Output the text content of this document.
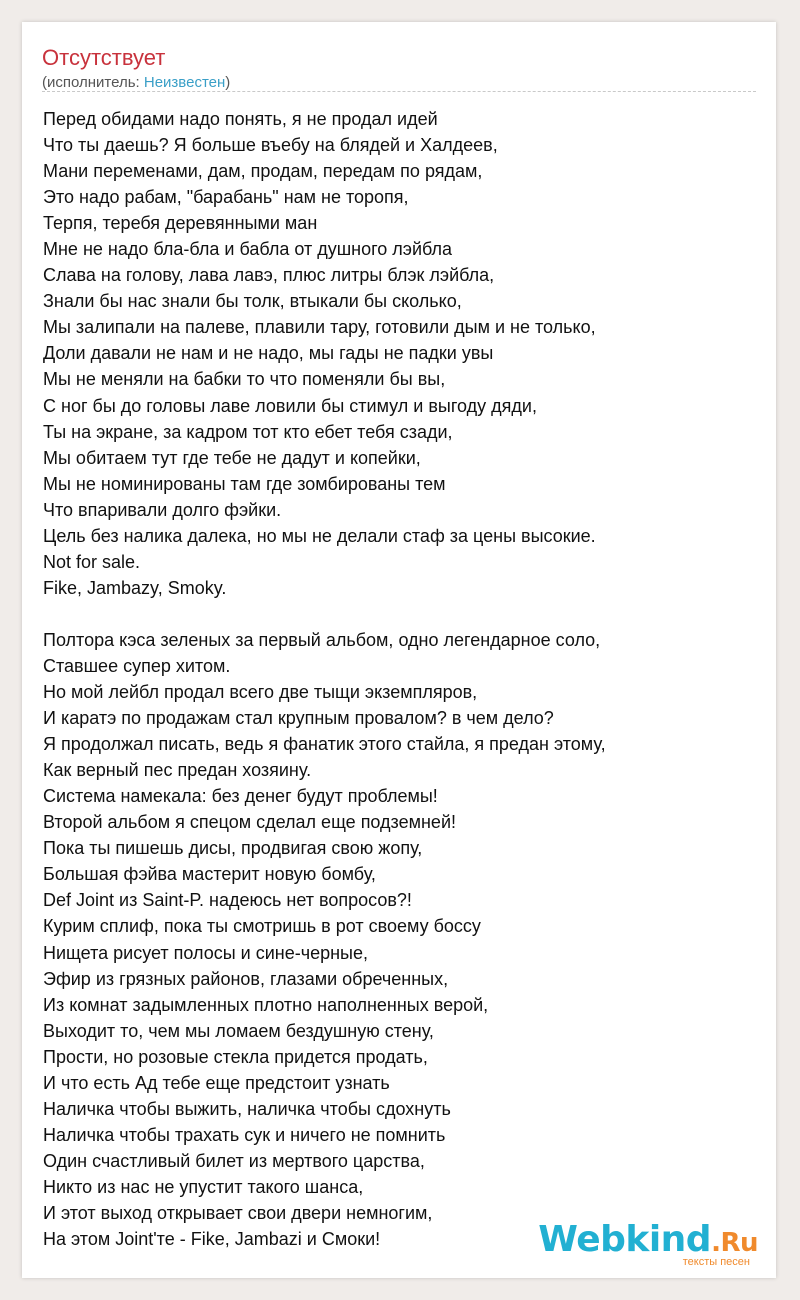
Отсутствует
(исполнитель: Неизвестен)
Перед обидами надо понять, я не продал идей
Что ты даешь? Я больше въебу на блядей и Халдеев,
Мани переменами, дам, продам, передам по рядам,
Это надо рабам, "барабань" нам не торопя,
Терпя, теребя деревянными ман
Мне не надо бла-бла и бабла от душного лэйбла
Слава на голову, лава лавэ, плюс литры блэк лэйбла,
Знали бы нас знали бы толк, втыкали бы сколько,
Мы залипали на палеве, плавили тару, готовили дым и не только,
Доли давали не нам и не надо, мы гады не падки увы
Мы не меняли на бабки то что поменяли бы вы,
С ног бы до головы лаве ловили бы стимул и выгоду дяди,
Ты на экране, за кадром тот кто ебет тебя сзади,
Мы обитаем тут где тебе не дадут и копейки,
Мы не номинированы там где зомбированы тем
Что впаривали долго фэйки.
Цель без налика далека, но мы не делали стаф за цены высокие.
Not for sale.
Fike, Jambazy, Smoky.
Полтора кэса зеленых за первый альбом, одно легендарное соло,
Ставшее супер хитом.
Но мой лейбл продал всего две тыщи экземпляров,
И каратэ по продажам стал крупным провалом? в чем дело?
Я продолжал писать, ведь я фанатик этого стайла, я предан этому,
Как верный пес предан хозяину.
Система намекала: без денег будут проблемы!
Второй альбом я спецом сделал еще подземней!
Пока ты пишешь дисы, продвигая свою жопу,
Большая фэйва мастерит новую бомбу,
Def Joint из Saint-P. надеюсь нет вопросов?!
Курим сплиф, пока ты смотришь в рот своему боссу
Нищета рисует полосы и сине-черные,
Эфир из грязных районов, глазами обреченных,
Из комнат задымленных плотно наполненных верой,
Выходит то, чем мы ломаем бездушную стену,
Прости, но розовые стекла придется продать,
И что есть Ад тебе еще предстоит узнать
Наличка чтобы выжить, наличка чтобы сдохнуть
Наличка чтобы трахать сук и ничего не помнить
Один счастливый билет из мертвого царства,
Никто из нас не упустит такого шанса,
И этот выход открывает свои двери немногим,
На этом Joint'те - Fike, Jambazi и Смоки!	Webkind.Ru
тексты песен
